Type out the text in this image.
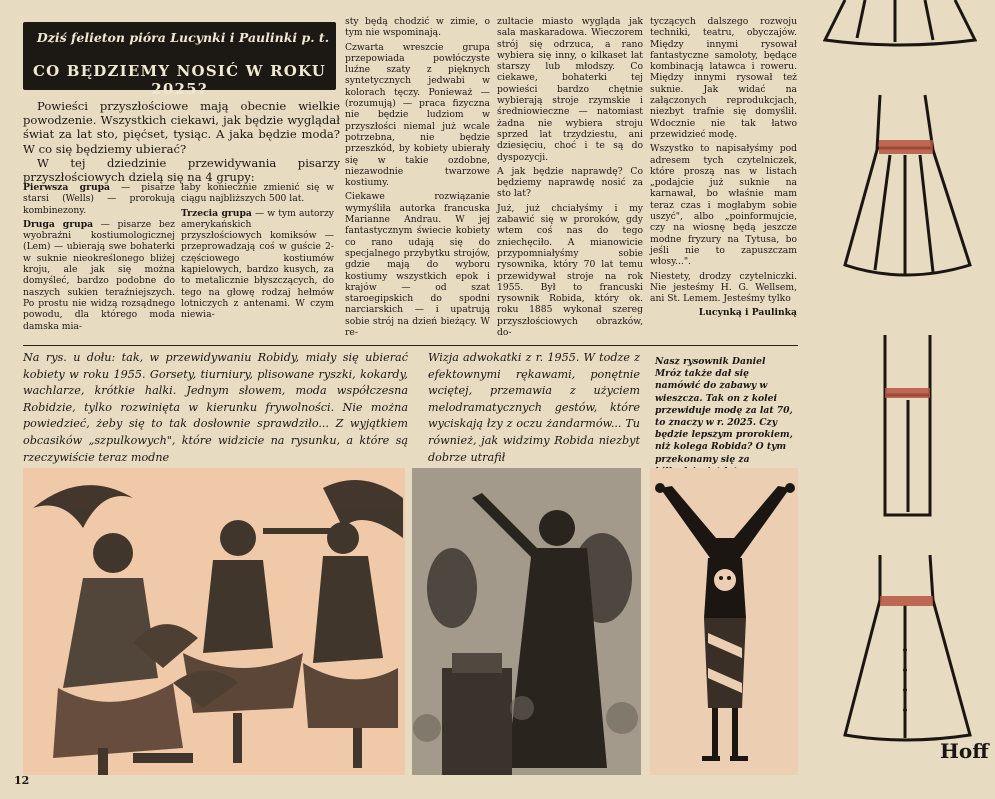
Dziś felieton pióra Lucynki i Paulinki p. t.
CO BĘDZIEMY NOSIĆ W ROKU 2025?

Powieści przyszłościowe mają obecnie wielkie powodzenie. Wszystkich ciekawi, jak będzie wyglądał świat za lat sto, pięćset, tysiąc. A jaka będzie moda? W co się będziemy ubierać?

W tej dziedzinie przewidywania pisarzy przyszłościowych dzielą się na 4 grupy:

Pierwsza grupa — pisarze starsi (Wells) — prorokują kombinezony.

Druga grupa — pisarze bez wyobraźni kostiumologicznej (Lem) — ubierają swe bohaterki w suknie nieokreślonego bliżej kroju, ale jak się można domyśleć, bardzo podobne do naszych sukien teraźniejszych. Po prostu nie widzą rozsądnego powodu, dla którego moda damska mia-

łaby koniecznie zmienić się w ciągu najbliższych 500 lat.

Trzecia grupa — w tym autorzy amerykańskich przyszłościowych komiksów — przeprowadzają coś w guście 2-częściowego kostiumów kąpielowych, bardzo kusych, za to metalicznie błyszczących, do tego na głowę rodzaj hełmów lotniczych z antenami. W czym niewia-

sty będą chodzić w zimie, o tym nie wspominają.

Czwarta wreszcie grupa przepowiada powłóczyste luźne szaty z pięknych syntetycznych jedwabi w kolorach tęczy. Ponieważ — (rozumują) — praca fizyczna nie będzie ludziom w przyszłości niemal już wcale potrzebna, nie będzie przeszkód, by kobiety ubierały się w takie ozdobne, niezawodnie twarzowe kostiumy.

Ciekawe rozwiązanie wymyśliła autorka francuska Marianne Andrau. W jej fantastycznym świecie kobiety co rano udają się do specjalnego przybytku strojów, gdzie mają do wyboru kostiumy wszystkich epok i krajów — od szat staroegipskich do spodni narciarskich — i upatrują sobie strój na dzień bieżący. W re-

zultacie miasto wygląda jak sala maskaradowa. Wieczorem strój się odrzuca, a rano wybiera się inny, o kilkaset lat starszy lub młodszy. Co ciekawe, bohaterki tej powieści bardzo chętnie wybierają stroje rzymskie i średniowieczne — natomiast żadna nie wybiera stroju sprzed lat trzydziestu, ani dziesięciu, choć i te są do dyspozycji.

A jak będzie naprawdę? Co będziemy naprawdę nosić za sto lat?

Już, już chciałyśmy i my zabawić się w proroków, gdy wtem coś nas do tego zniechęciło. A mianowicie przypomniałyśmy sobie rysownika, który 70 lat temu przewidywał stroje na rok 1955. Był to francuski rysownik Robida, który ok. roku 1885 wykonał szereg przyszłościowych obrazków, do-

tyczących dalszego rozwoju techniki, teatru, obyczajów. Między innymi rysował fantastyczne samoloty, będące kombinacją latawca i roweru. Między innymi rysował też suknie. Jak widać na załączonych reprodukcjach, niezbyt trafnie się domyślił. Wdocznie nie tak łatwo przewidzieć modę.

Wszystko to napisałyśmy pod adresem tych czytelniczek, które proszą nas w listach „podajcie już suknie na karnawał, bo właśnie mam teraz czas i mogłabym sobie uszyć", albo „poinformujcie, czy na wiosnę będą jeszcze modne fryzury na Tytusa, bo jeśli nie to zapuszczam włosy...".

Niestety, drodzy czytelniczki. Nie jesteśmy H. G. Wellsem, ani St. Lemem. Jesteśmy tylko

Lucynką i Paulinką

Na rys. u dołu: tak, w przewidywaniu Robidy, miały się ubierać kobiety w roku 1955. Gorsety, tiurniury, plisowane ryszki, kokardy, wachlarze, krótkie halki. Jednym słowem, moda współczesna Robidzie, tylko rozwinięta w kierunku frywolności. Nie można powiedzieć, żeby się to tak dosłownie sprawdziło... Z wyjątkiem obcasików „szpulkowych", które widzicie na rysunku, a które są rzeczywiście teraz modne
Wizja adwokatki z r. 1955. W todze z efektownymi rękawami, ponętnie wciętej, przemawia z użyciem melodramatycznych gestów, które wyciskają łzy z oczu żandarmów... Tu również, jak widzimy Robida niezbyt dobrze utrafił
Nasz rysownik Daniel Mróz także dał się namówić do zabawy w wieszcza. Tak on z kolei przewiduje modę za lat 70, to znaczy w r. 2025. Czy będzie lepszym prorokiem, niż kolega Robida? O tym przekonamy się za
Hoff
12
